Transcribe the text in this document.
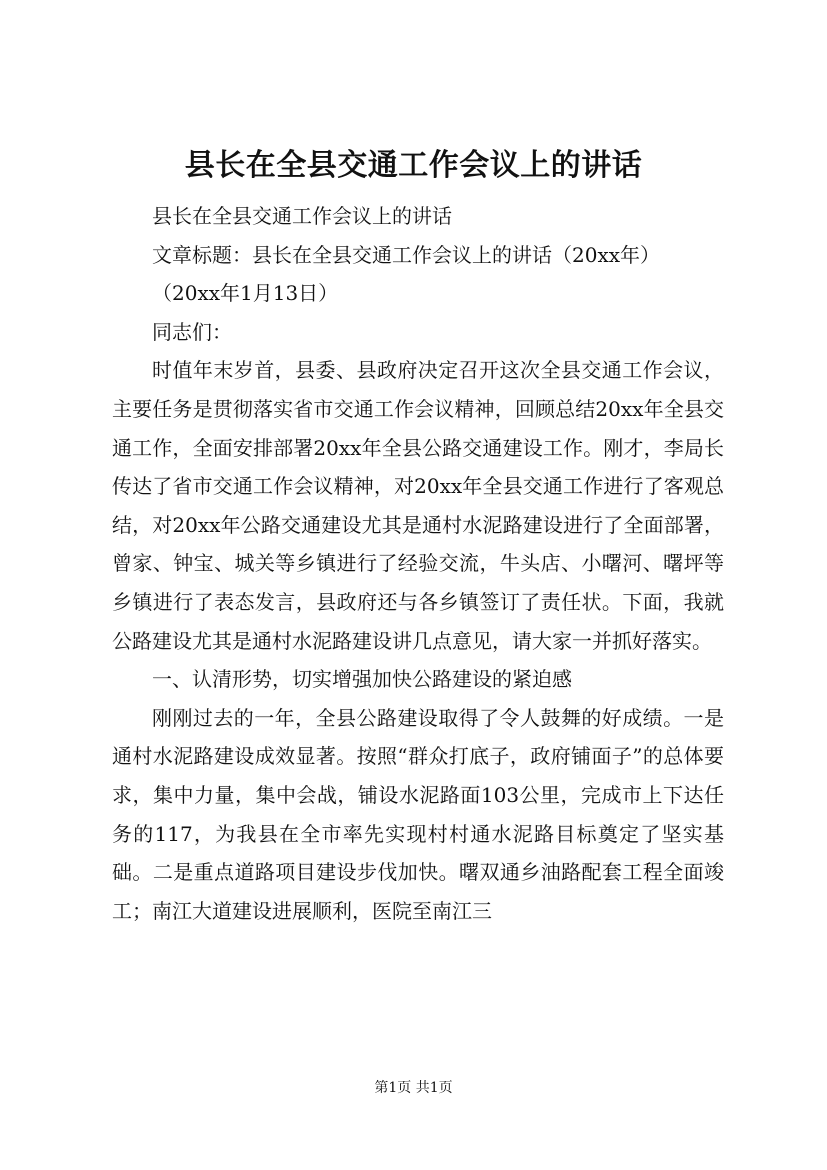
县长在全县交通工作会议上的讲话

县长在全县交通工作会议上的讲话

文章标题：县长在全县交通工作会议上的讲话（20xx年）

（20xx年1月13日）

同志们：

时值年末岁首，县委、县政府决定召开这次全县交通工作会议，主要任务是贯彻落实省市交通工作会议精神，回顾总结20xx年全县交通工作，全面安排部署20xx年全县公路交通建设工作。刚才，李局长传达了省市交通工作会议精神，对20xx年全县交通工作进行了客观总结，对20xx年公路交通建设尤其是通村水泥路建设进行了全面部署，曾家、钟宝、城关等乡镇进行了经验交流，牛头店、小曙河、曙坪等乡镇进行了表态发言，县政府还与各乡镇签订了责任状。下面，我就公路建设尤其是通村水泥路建设讲几点意见，请大家一并抓好落实。

一、认清形势，切实增强加快公路建设的紧迫感

刚刚过去的一年，全县公路建设取得了令人鼓舞的好成绩。一是通村水泥路建设成效显著。按照“群众打底子，政府铺面子”的总体要求，集中力量，集中会战，铺设水泥路面103公里，完成市上下达任务的117，为我县在全市率先实现村村通水泥路目标奠定了坚实基础。二是重点道路项目建设步伐加快。曙双通乡油路配套工程全面竣工；南江大道建设进展顺利，医院至南江三

第1页 共1页
